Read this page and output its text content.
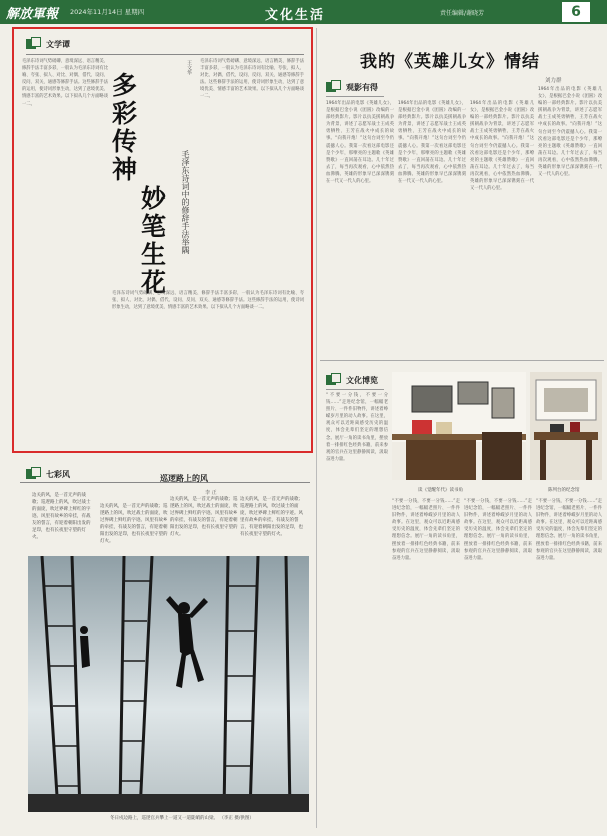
解放軍報 2024年11月14日 星期四	文化生活	责任编辑/谢晓芳	6
文学谭
毛泽东诗词气势磅礴、意境深远、语言精美、修辞手法丰富多彩，一般认为毛泽东诗词有比喻、夸张、拟人、对比、对偶、借代、设问、反问、双关、通感等修辞手法。这些修辞手法的运用，使诗词形象生动，达到了意境优美、情感丰富的艺术效果。以下拟从几个方面略谈一二。
多
彩
传
神
妙
笔
生
花
毛泽东诗词中的修辞手法举隅
王文华 毛泽东诗词气势磅礴、意境深远、语言精美、修辞手法丰富多彩，一般认为毛泽东诗词有比喻、夸张、拟人、对比、对偶、借代、设问、反问、双关、通感等修辞手法。这些修辞手法的运用，使诗词形象生动，达到了意境优美、情感丰富的艺术效果。以下拟从几个方面略谈一二。
毛泽东诗词气势磅礴、意境深远、语言精美、修辞手法丰富多彩，一般认为毛泽东诗词有比喻、夸张、拟人、对比、对偶、借代、设问、反问、双关、通感等修辞手法。这些修辞手法的运用，使诗词形象生动，达到了意境优美、情感丰富的艺术效果。以下拟从几个方面略谈一二。
七彩风	巡逻路上的风
李 正
边关的风，是一首无声的战歌；巡逻路上的风，吹过战士的面庞，吹过界碑上鲜红的字迹。风里有故乡的牵挂，有战友的誓言，有迎着朝阳出发的足印，也有长夜里守望的灯火。
边关的风，是一首无声的战歌；巡逻路上的风，吹过战士的面庞，吹过界碑上鲜红的字迹。风里有故乡的牵挂，有战友的誓言，有迎着朝阳出发的足印，也有长夜里守望的灯火。
边关的风，是一首无声的战歌；巡逻路上的风，吹过战士的面庞，吹过界碑上鲜红的字迹。风里有故乡的牵挂，有战友的誓言，有迎着朝阳出发的足印，也有长夜里守望的灯火。
边关的风，是一首无声的战歌；巡逻路上的风，吹过战士的面庞，吹过界碑上鲜红的字迹。风里有故乡的牵挂，有战友的誓言，有迎着朝阳出发的足印，也有长夜里守望的灯火。
冬日戍边路上，巡逻官兵攀上一道又一道陡峭的山梁。 （李正 摄/供图）
我的《英雄儿女》情结
刘力群
观影有得
1964年出品的电影《英雄儿女》，是根据巴金小说《团圆》改编的一部经典影片。影片以抗美援朝战争为背景，讲述了志愿军战士王成英勇牺牲、王芳在战火中成长的故事。“向我开炮！”这句台词至今仍震撼人心。我第一次看这部电影还是个少年，那嘹亮的主题歌《英雄赞歌》一直回荡在耳边。几十年过去了，每当再次观看，心中依然热血沸腾。英雄的形象早已深深镌刻在一代又一代人的心里。
1964年出品的电影《英雄儿女》，是根据巴金小说《团圆》改编的一部经典影片。影片以抗美援朝战争为背景，讲述了志愿军战士王成英勇牺牲、王芳在战火中成长的故事。“向我开炮！”这句台词至今仍震撼人心。我第一次看这部电影还是个少年，那嘹亮的主题歌《英雄赞歌》一直回荡在耳边。几十年过去了，每当再次观看，心中依然热血沸腾。英雄的形象早已深深镌刻在一代又一代人的心里。
1964年出品的电影《英雄儿女》，是根据巴金小说《团圆》改编的一部经典影片。影片以抗美援朝战争为背景，讲述了志愿军战士王成英勇牺牲、王芳在战火中成长的故事。“向我开炮！”这句台词至今仍震撼人心。我第一次看这部电影还是个少年，那嘹亮的主题歌《英雄赞歌》一直回荡在耳边。几十年过去了，每当再次观看，心中依然热血沸腾。英雄的形象早已深深镌刻在一代又一代人的心里。
1964年出品的电影《英雄儿女》，是根据巴金小说《团圆》改编的一部经典影片。影片以抗美援朝战争为背景，讲述了志愿军战士王成英勇牺牲、王芳在战火中成长的故事。“向我开炮！”这句台词至今仍震撼人心。我第一次看这部电影还是个少年，那嘹亮的主题歌《英雄赞歌》一直回荡在耳边。几十年过去了，每当再次观看，心中依然热血沸腾。英雄的形象早已深深镌刻在一代又一代人的心里。
文化博览
“不要一分钱，不要一分钱……”走进纪念馆，一幅幅老照片、一件件旧物件，讲述着峥嵘岁月里的动人故事。在这里，观众可以近距离感受历史的温度，体会先辈们坚定的理想信念。展厅一角的读书角里，摆放着一排排红色经典书籍，前来参观的官兵在这里静静阅读，汲取奋进力量。
“不要一分钱，不要一分钱……”走进纪念馆，一幅幅老照片、一件件旧物件，讲述着峥嵘岁月里的动人故事。在这里，观众可以近距离感受历史的温度，体会先辈们坚定的理想信念。展厅一角的读书角里，摆放着一排排红色经典书籍，前来参观的官兵在这里静静阅读，汲取奋进力量。
“不要一分钱，不要一分钱……”走进纪念馆，一幅幅老照片、一件件旧物件，讲述着峥嵘岁月里的动人故事。在这里，观众可以近距离感受历史的温度，体会先辈们坚定的理想信念。展厅一角的读书角里，摆放着一排排红色经典书籍，前来参观的官兵在这里静静阅读，汲取奋进力量。
“不要一分钱，不要一分钱……”走进纪念馆，一幅幅老照片、一件件旧物件，讲述着峥嵘岁月里的动人故事。在这里，观众可以近距离感受历史的温度，体会先辈们坚定的理想信念。展厅一角的读书角里，摆放着一排排红色经典书籍，前来参观的官兵在这里静静阅读，汲取奋进力量。
读《觉醒年代》读书角	陈列台的纪念馆
